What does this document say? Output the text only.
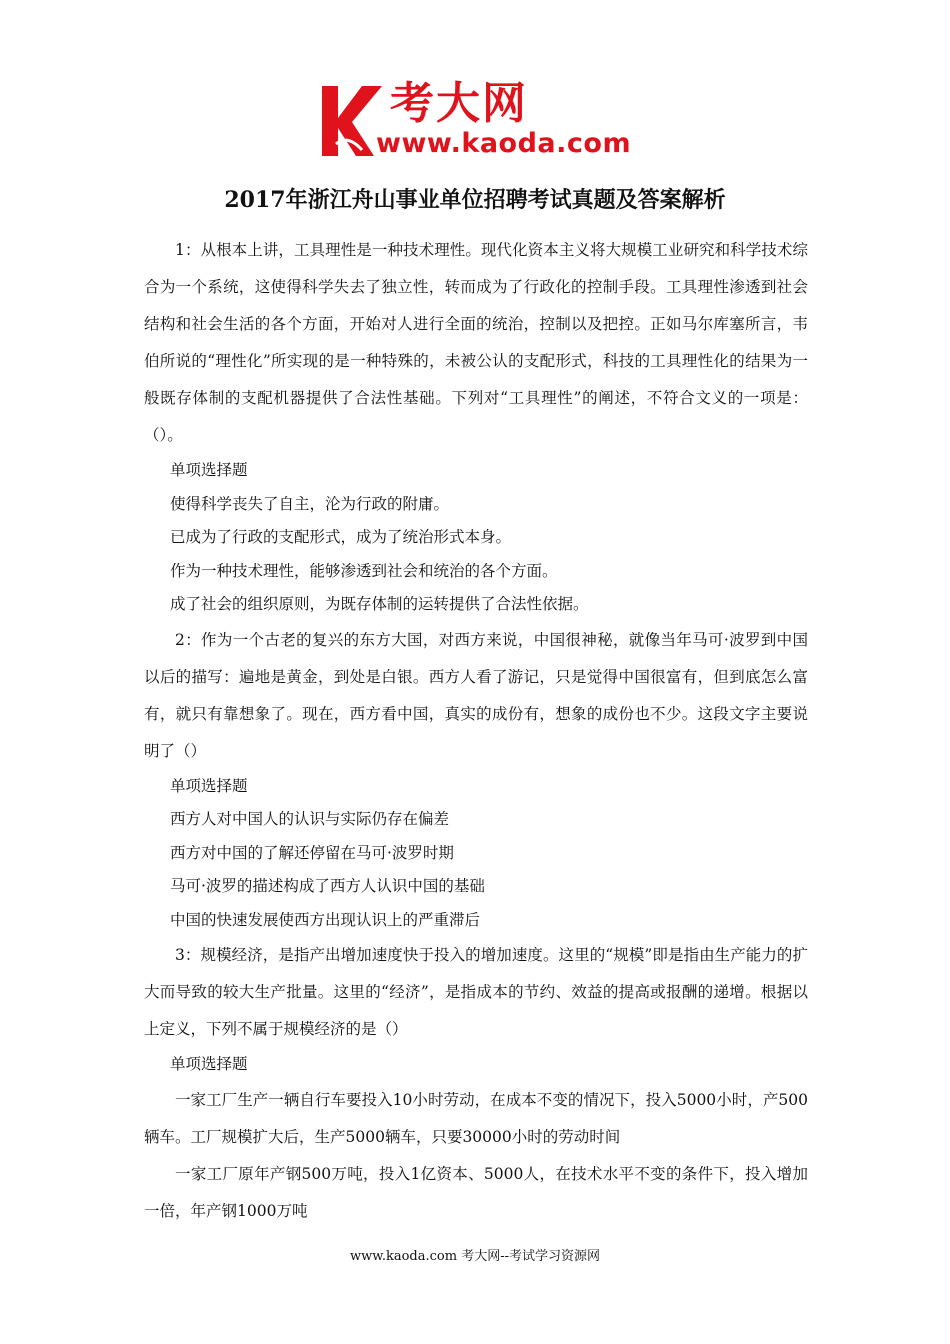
考大网
www.kaoda.com
2017年浙江舟山事业单位招聘考试真题及答案解析

1：从根本上讲，工具理性是一种技术理性。现代化资本主义将大规模工业研究和科学技术综合为一个系统，这使得科学失去了独立性，转而成为了行政化的控制手段。工具理性渗透到社会结构和社会生活的各个方面，开始对人进行全面的统治，控制以及把控。正如马尔库塞所言，韦伯所说的“理性化”所实现的是一种特殊的，未被公认的支配形式，科技的工具理性化的结果为一般既存体制的支配机器提供了合法性基础。下列对“工具理性”的阐述，不符合文义的一项是：（）。

单项选择题

使得科学丧失了自主，沦为行政的附庸。

已成为了行政的支配形式，成为了统治形式本身。

作为一种技术理性，能够渗透到社会和统治的各个方面。

成了社会的组织原则，为既存体制的运转提供了合法性依据。

2：作为一个古老的复兴的东方大国，对西方来说，中国很神秘，就像当年马可·波罗到中国以后的描写：遍地是黄金，到处是白银。西方人看了游记，只是觉得中国很富有，但到底怎么富有，就只有靠想象了。现在，西方看中国，真实的成份有，想象的成份也不少。这段文字主要说明了（）

单项选择题

西方人对中国人的认识与实际仍存在偏差

西方对中国的了解还停留在马可·波罗时期

马可·波罗的描述构成了西方人认识中国的基础

中国的快速发展使西方出现认识上的严重滞后

3：规模经济，是指产出增加速度快于投入的增加速度。这里的“规模”即是指由生产能力的扩大而导致的较大生产批量。这里的“经济”，是指成本的节约、效益的提高或报酬的递增。根据以上定义，下列不属于规模经济的是（）

单项选择题

一家工厂生产一辆自行车要投入10小时劳动，在成本不变的情况下，投入5000小时，产500辆车。工厂规模扩大后，生产5000辆车，只要30000小时的劳动时间

一家工厂原年产钢500万吨，投入1亿资本、5000人，在技术水平不变的条件下，投入增加一倍，年产钢1000万吨

www.kaoda.com 考大网--考试学习资源网
